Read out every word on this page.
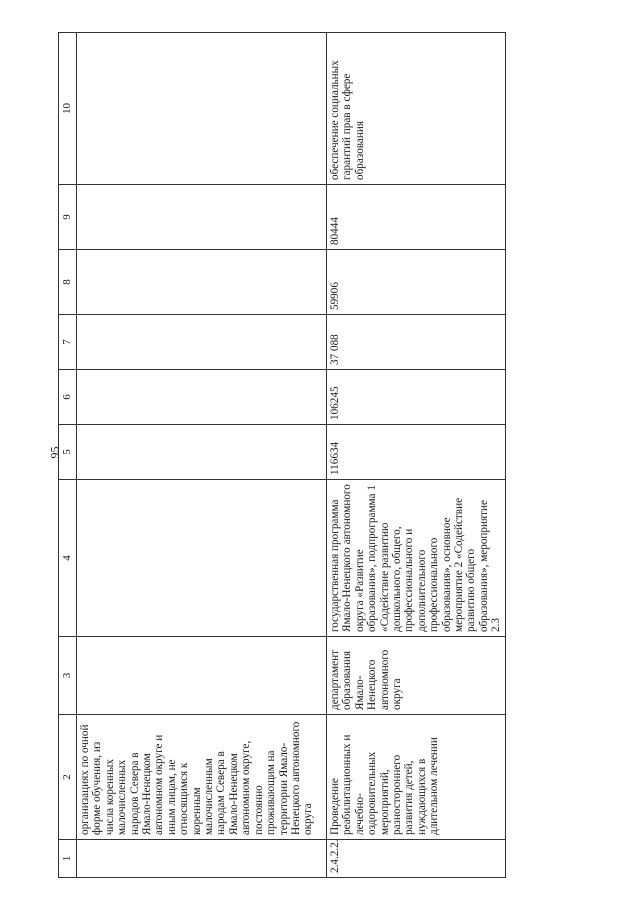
95
1	2	3	4	5	6	7	8	9	10
	организациях по очной форме обучения, из числа коренных малочисленных народов Севера в Ямало-Ненецком автономном округе и иным лицам, не относящимся к коренным малочисленным народам Севера в Ямало-Ненецком автономном округе, постоянно проживающим на территории Ямало-Ненецкого автономного округа								
2.4.2.2.	Проведение реабилитационных и лечебно-оздоровительных мероприятий, разностороннего развития детей, нуждающихся в длительном лечении	департамент образования Ямало-Ненецкого автономного округа	государственная программа Ямало-Ненецкого автономного округа «Развитие образования», подпрограмма 1 «Содействие развитию дошкольного, общего, профессионального и дополнительного профессионального образования», основное мероприятие 2 «Содействие развитию общего образования», мероприятие 2.3	116634	106245	37 088	59906	80444	обеспечение социальных гарантий прав в сфере образования
